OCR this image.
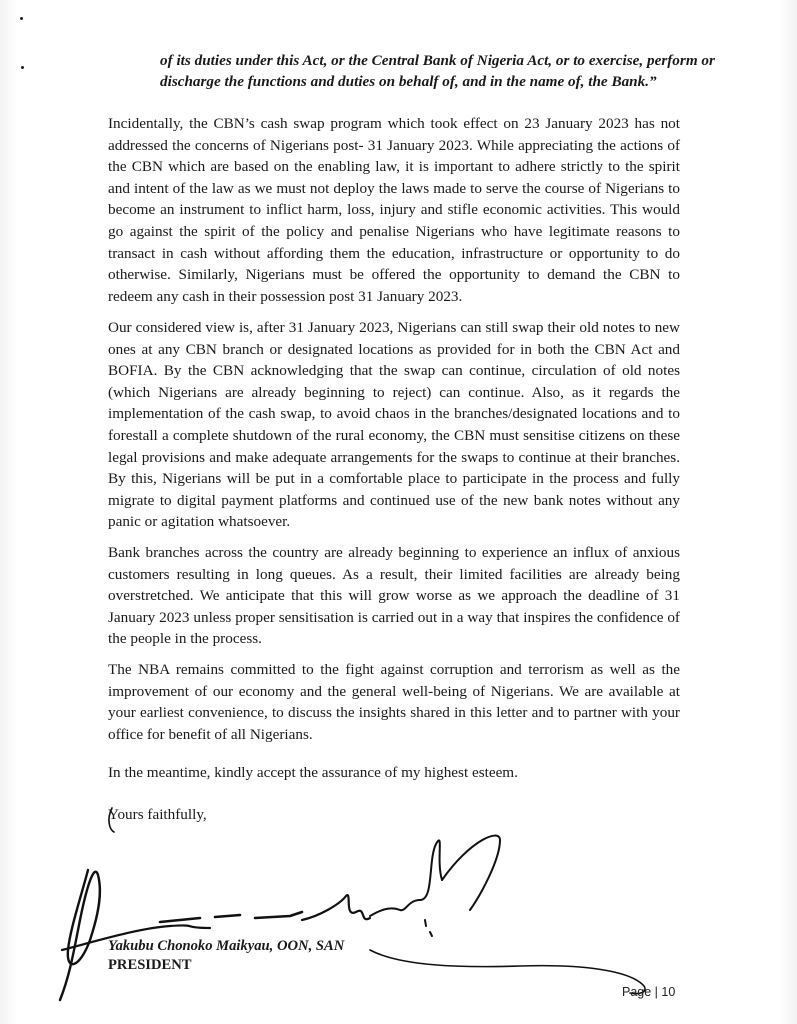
of its duties under this Act, or the Central Bank of Nigeria Act, or to exercise, perform or discharge the functions and duties on behalf of, and in the name of, the Bank.”

Incidentally, the CBN’s cash swap program which took effect on 23 January 2023 has not addressed the concerns of Nigerians post- 31 January 2023. While appreciating the actions of the CBN which are based on the enabling law, it is important to adhere strictly to the spirit and intent of the law as we must not deploy the laws made to serve the course of Nigerians to become an instrument to inflict harm, loss, injury and stifle economic activities. This would go against the spirit of the policy and penalise Nigerians who have legitimate reasons to transact in cash without affording them the education, infrastructure or opportunity to do otherwise. Similarly, Nigerians must be offered the opportunity to demand the CBN to redeem any cash in their possession post 31 January 2023.

Our considered view is, after 31 January 2023, Nigerians can still swap their old notes to new ones at any CBN branch or designated locations as provided for in both the CBN Act and BOFIA. By the CBN acknowledging that the swap can continue, circulation of old notes (which Nigerians are already beginning to reject) can continue. Also, as it regards the implementation of the cash swap, to avoid chaos in the branches/designated locations and to forestall a complete shutdown of the rural economy, the CBN must sensitise citizens on these legal provisions and make adequate arrangements for the swaps to continue at their branches. By this, Nigerians will be put in a comfortable place to participate in the process and fully migrate to digital payment platforms and continued use of the new bank notes without any panic or agitation whatsoever.

Bank branches across the country are already beginning to experience an influx of anxious customers resulting in long queues. As a result, their limited facilities are already being overstretched. We anticipate that this will grow worse as we approach the deadline of 31 January 2023 unless proper sensitisation is carried out in a way that inspires the confidence of the people in the process.

The NBA remains committed to the fight against corruption and terrorism as well as the improvement of our economy and the general well-being of Nigerians. We are available at your earliest convenience, to discuss the insights shared in this letter and to partner with your office for benefit of all Nigerians.

In the meantime, kindly accept the assurance of my highest esteem.

Yours faithfully,

Yakubu Chonoko Maikyau, OON, SAN

PRESIDENT

Page | 10
